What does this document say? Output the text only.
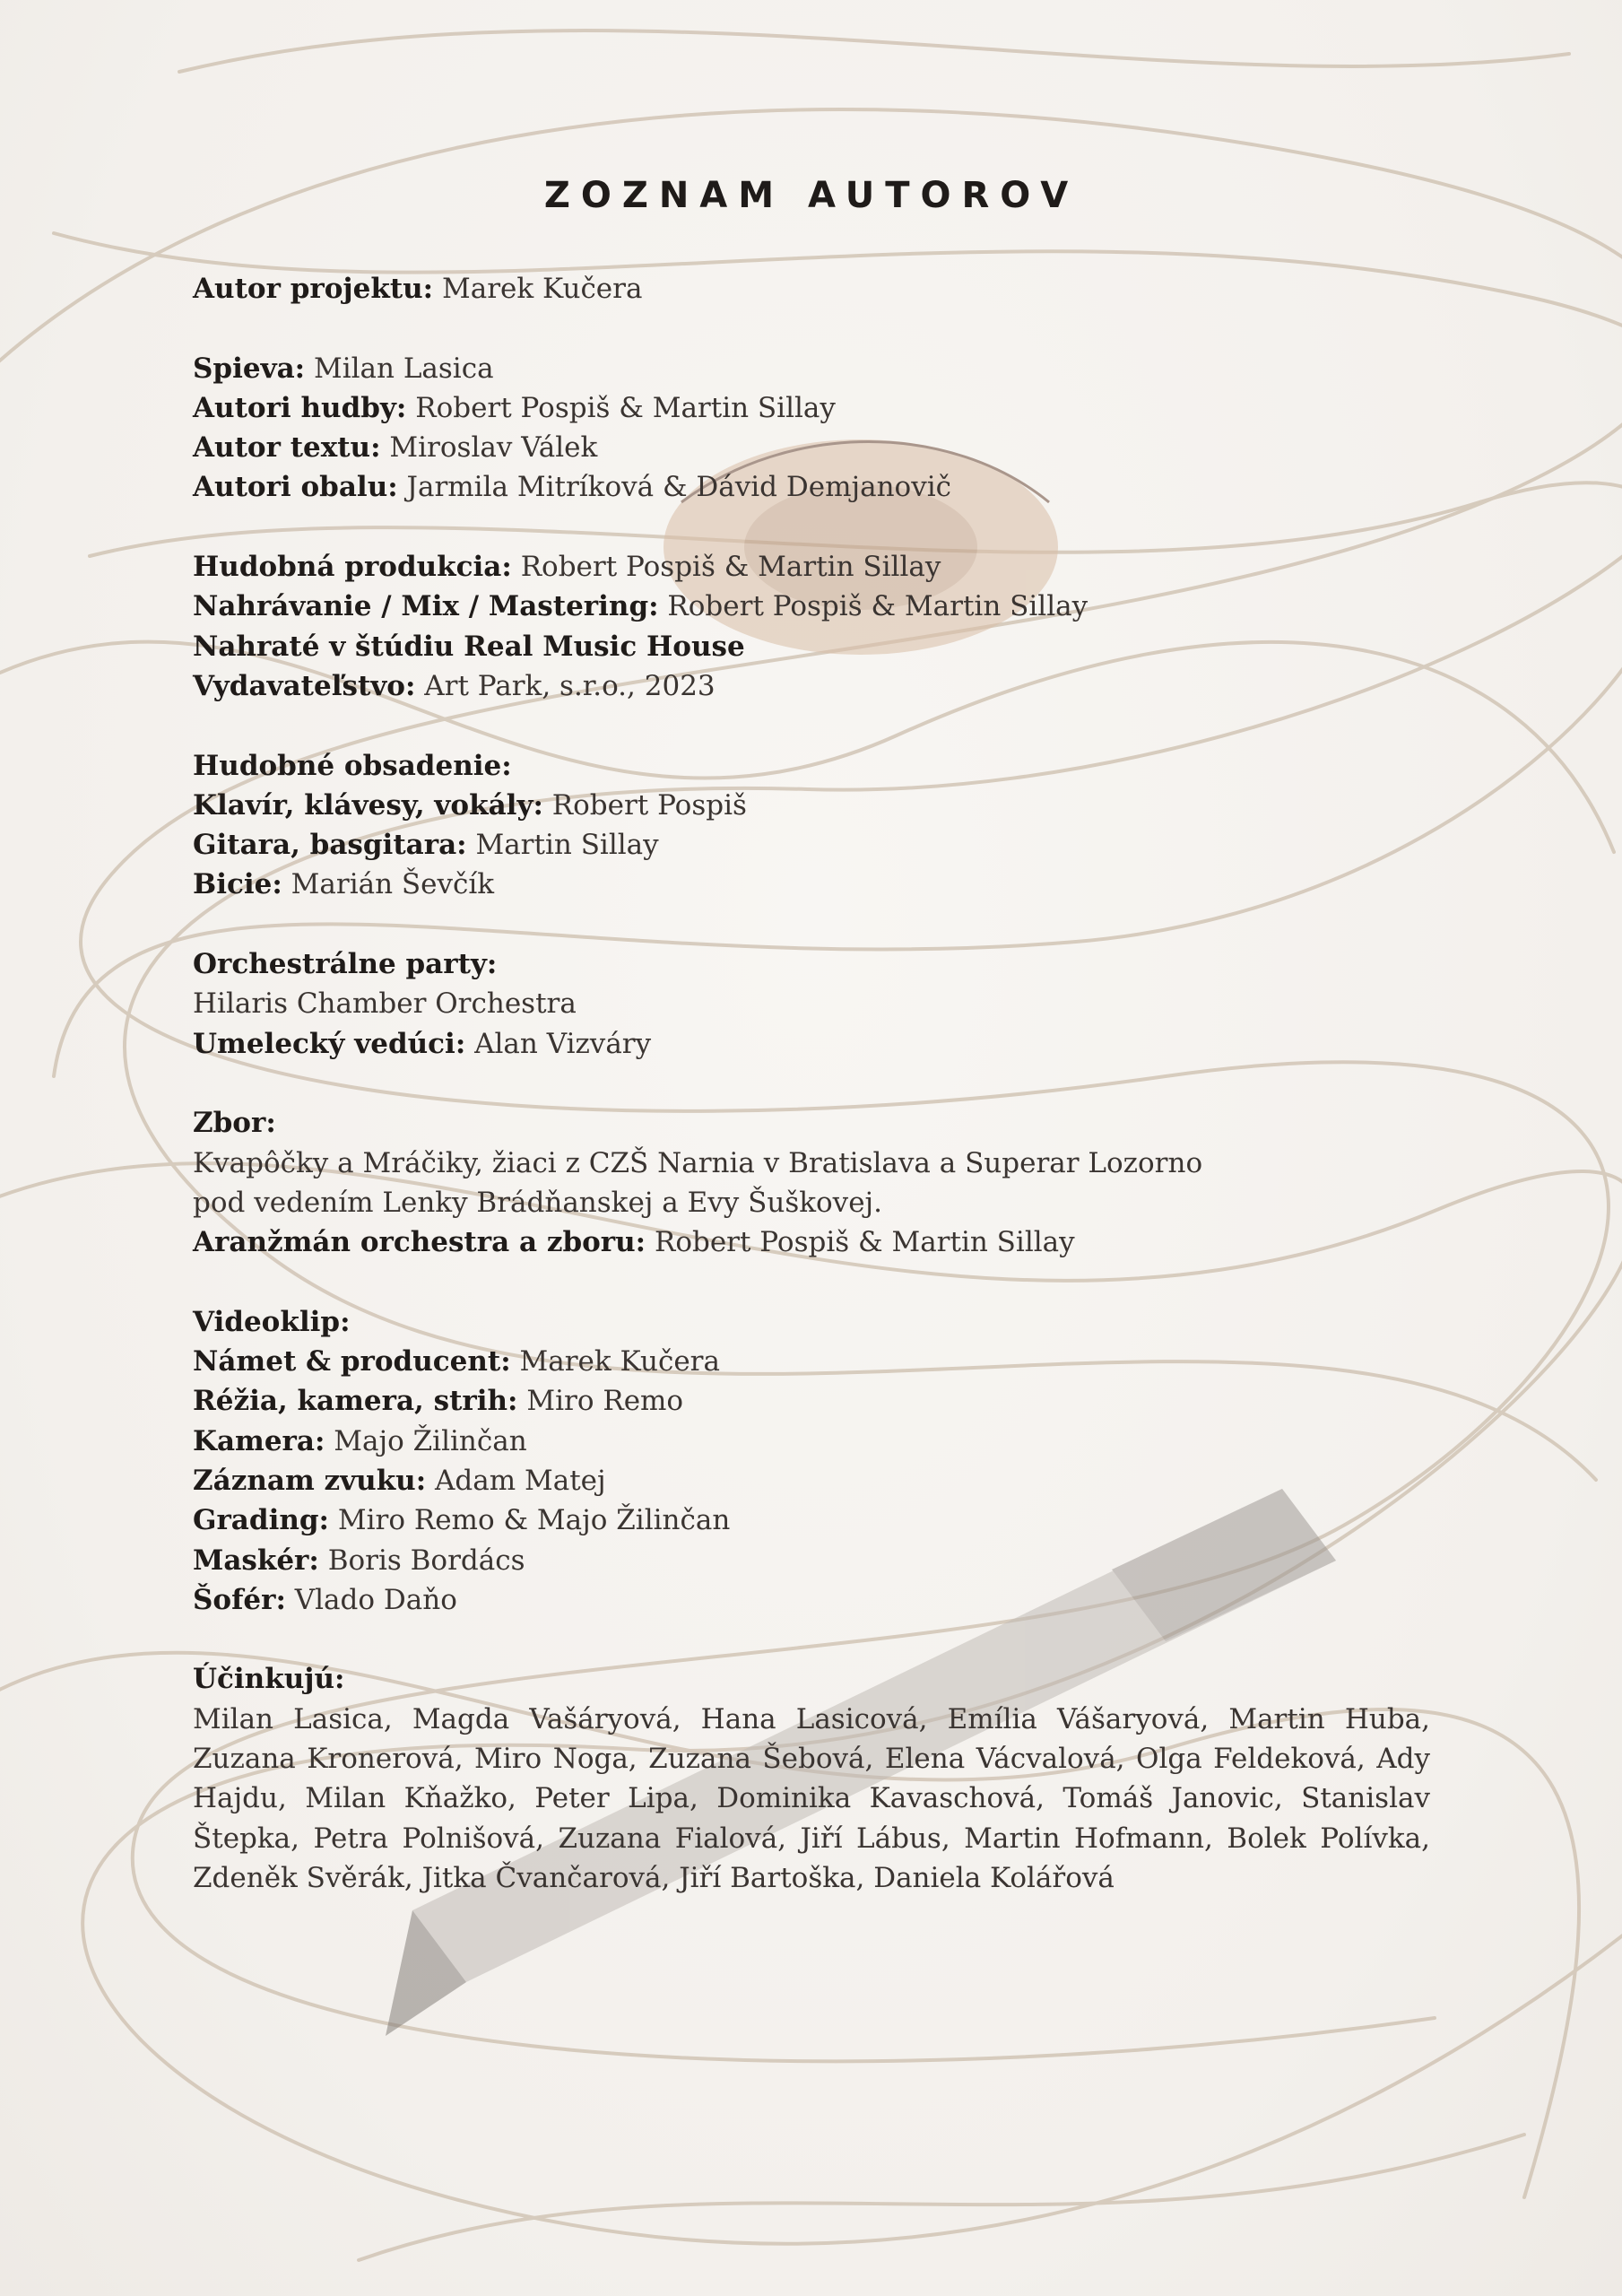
ZOZNAM AUTOROV
Autor projektu: Marek Kučera
Spieva: Milan Lasica
Autori hudby: Robert Pospiš & Martin Sillay
Autor textu: Miroslav Válek
Autori obalu: Jarmila Mitríková & Dávid Demjanovič
Hudobná produkcia: Robert Pospiš & Martin Sillay
Nahrávanie / Mix / Mastering: Robert Pospiš & Martin Sillay
Nahraté v štúdiu Real Music House
Vydavateľstvo: Art Park, s.r.o., 2023
Hudobné obsadenie:
Klavír, klávesy, vokály: Robert Pospiš
Gitara, basgitara: Martin Sillay
Bicie: Marián Ševčík
Orchestrálne party:
Hilaris Chamber Orchestra
Umelecký vedúci: Alan Vizváry
Zbor:
Kvapôčky a Mráčiky, žiaci z CZŠ Narnia v Bratislava a Superar Lozorno
pod vedením Lenky Brádňanskej a Evy Šuškovej.
Aranžmán orchestra a zboru: Robert Pospiš & Martin Sillay
Videoklip:
Námet & producent: Marek Kučera
Réžia, kamera, strih: Miro Remo
Kamera: Majo Žilinčan
Záznam zvuku: Adam Matej
Grading: Miro Remo & Majo Žilinčan
Maskér: Boris Bordács
Šofér: Vlado Daňo
Účinkujú:
Milan Lasica, Magda Vašáryová, Hana Lasicová, Emília Vášaryová, Martin Huba, Zuzana Kronerová, Miro Noga, Zuzana Šebová, Elena Vácvalová, Olga Feldeková, Ady Hajdu, Milan Kňažko, Peter Lipa, Dominika Kavaschová, Tomáš Janovic, Stanislav Štepka, Petra Polnišová, Zuzana Fialová, Jiří Lábus, Martin Hofmann, Bolek Polívka, Zdeněk Svěrák, Jitka Čvančarová, Jiří Bartoška, Daniela Kolářová
